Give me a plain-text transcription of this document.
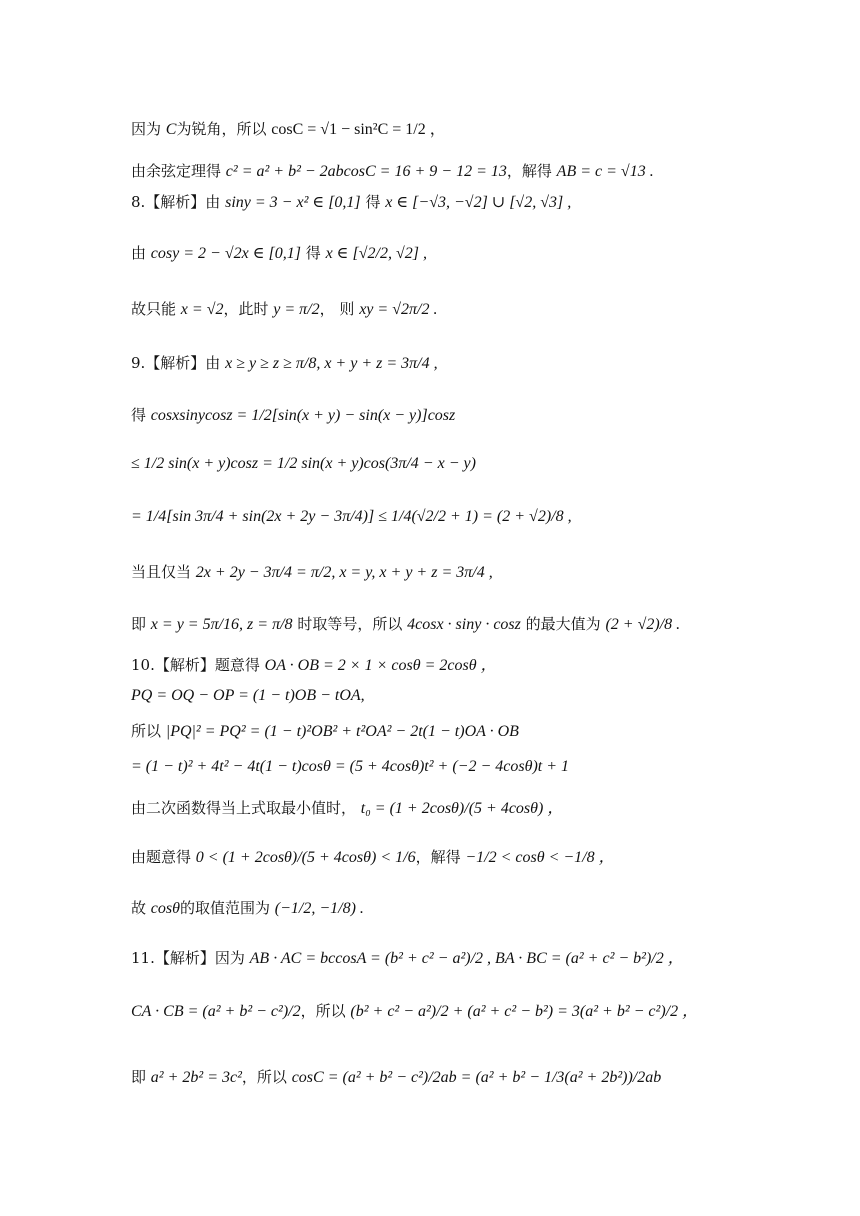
因为 C为锐角，所以 cosC = √1 − sin²C = 1/2 ，
由余弦定理得 c² = a² + b² − 2abcosC = 16 + 9 − 12 = 13，解得 AB = c = √13 .
8.【解析】由 siny = 3 − x² ∈ [0,1] 得 x ∈ [−√3, −√2] ∪ [√2, √3] ,
由 cosy = 2 − √2x ∈ [0,1] 得 x ∈ [√2/2, √2] ,
故只能 x = √2，此时 y = π/2， 则 xy = √2π/2 .
9.【解析】由 x ≥ y ≥ z ≥ π/8, x + y + z = 3π/4 ,
得 cosxsinycosz = 1/2[sin(x + y) − sin(x − y)]cosz
≤ 1/2 sin(x + y)cosz = 1/2 sin(x + y)cos(3π/4 − x − y)
= 1/4[sin 3π/4 + sin(2x + 2y − 3π/4)] ≤ 1/4(√2/2 + 1) = (2 + √2)/8 ,
当且仅当 2x + 2y − 3π/4 = π/2, x = y, x + y + z = 3π/4 ,
即 x = y = 5π/16, z = π/8 时取等号，所以 4cosx · siny · cosz 的最大值为 (2 + √2)/8 .
10.【解析】题意得 OA · OB = 2 × 1 × cosθ = 2cosθ ，
PQ = OQ − OP = (1 − t)OB − tOA,
所以 |PQ|² = PQ² = (1 − t)²OB² + t²OA² − 2t(1 − t)OA · OB
= (1 − t)² + 4t² − 4t(1 − t)cosθ = (5 + 4cosθ)t² + (−2 − 4cosθ)t + 1
由二次函数得当上式取最小值时， t₀ = (1 + 2cosθ)/(5 + 4cosθ) ，
由题意得 0 < (1 + 2cosθ)/(5 + 4cosθ) < 1/6，解得 −1/2 < cosθ < −1/8 ，
故 cosθ的取值范围为 (−1/2, −1/8) .
11.【解析】因为 AB · AC = bccosA = (b² + c² − a²)/2 , BA · BC = (a² + c² − b²)/2 ，
CA · CB = (a² + b² − c²)/2，所以 (b² + c² − a²)/2 + (a² + c² − b²) = 3(a² + b² − c²)/2 ，
即 a² + 2b² = 3c²，所以 cosC = (a² + b² − c²)/2ab = (a² + b² − 1/3(a² + 2b²))/2ab
